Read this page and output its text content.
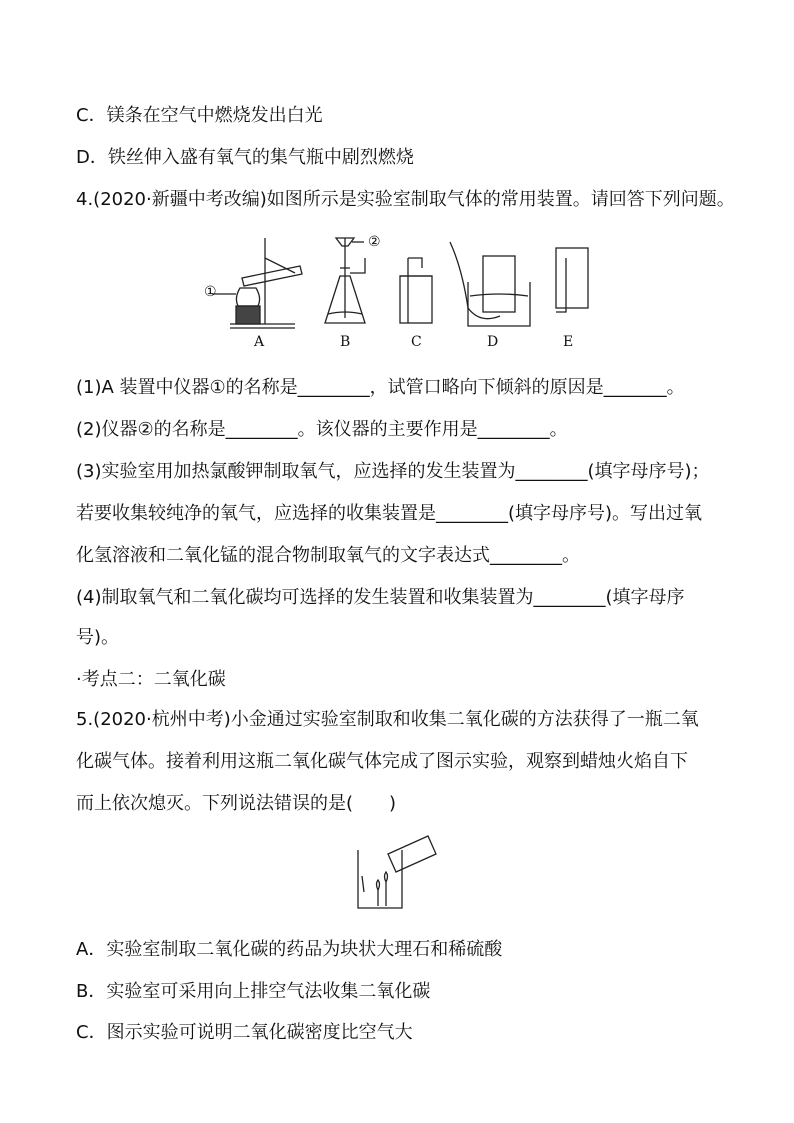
C．镁条在空气中燃烧发出白光
D．铁丝伸入盛有氧气的集气瓶中剧烈燃烧
4.(2020·新疆中考改编)如图所示是实验室制取气体的常用装置。请回答下列问题。
①
②
A	B	C	D	E
(1)A 装置中仪器①的名称是________，试管口略向下倾斜的原因是_______。
(2)仪器②的名称是________。该仪器的主要作用是________。
(3)实验室用加热氯酸钾制取氧气，应选择的发生装置为________(填字母序号)；
若要收集较纯净的氧气，应选择的收集装置是________(填字母序号)。写出过氧
化氢溶液和二氧化锰的混合物制取氧气的文字表达式________。
(4)制取氧气和二氧化碳均可选择的发生装置和收集装置为________(填字母序
号)。
·考点二：二氧化碳
5.(2020·杭州中考)小金通过实验室制取和收集二氧化碳的方法获得了一瓶二氧
化碳气体。接着利用这瓶二氧化碳气体完成了图示实验，观察到蜡烛火焰自下
而上依次熄灭。下列说法错误的是(　　)
A．实验室制取二氧化碳的药品为块状大理石和稀硫酸
B．实验室可采用向上排空气法收集二氧化碳
C．图示实验可说明二氧化碳密度比空气大
